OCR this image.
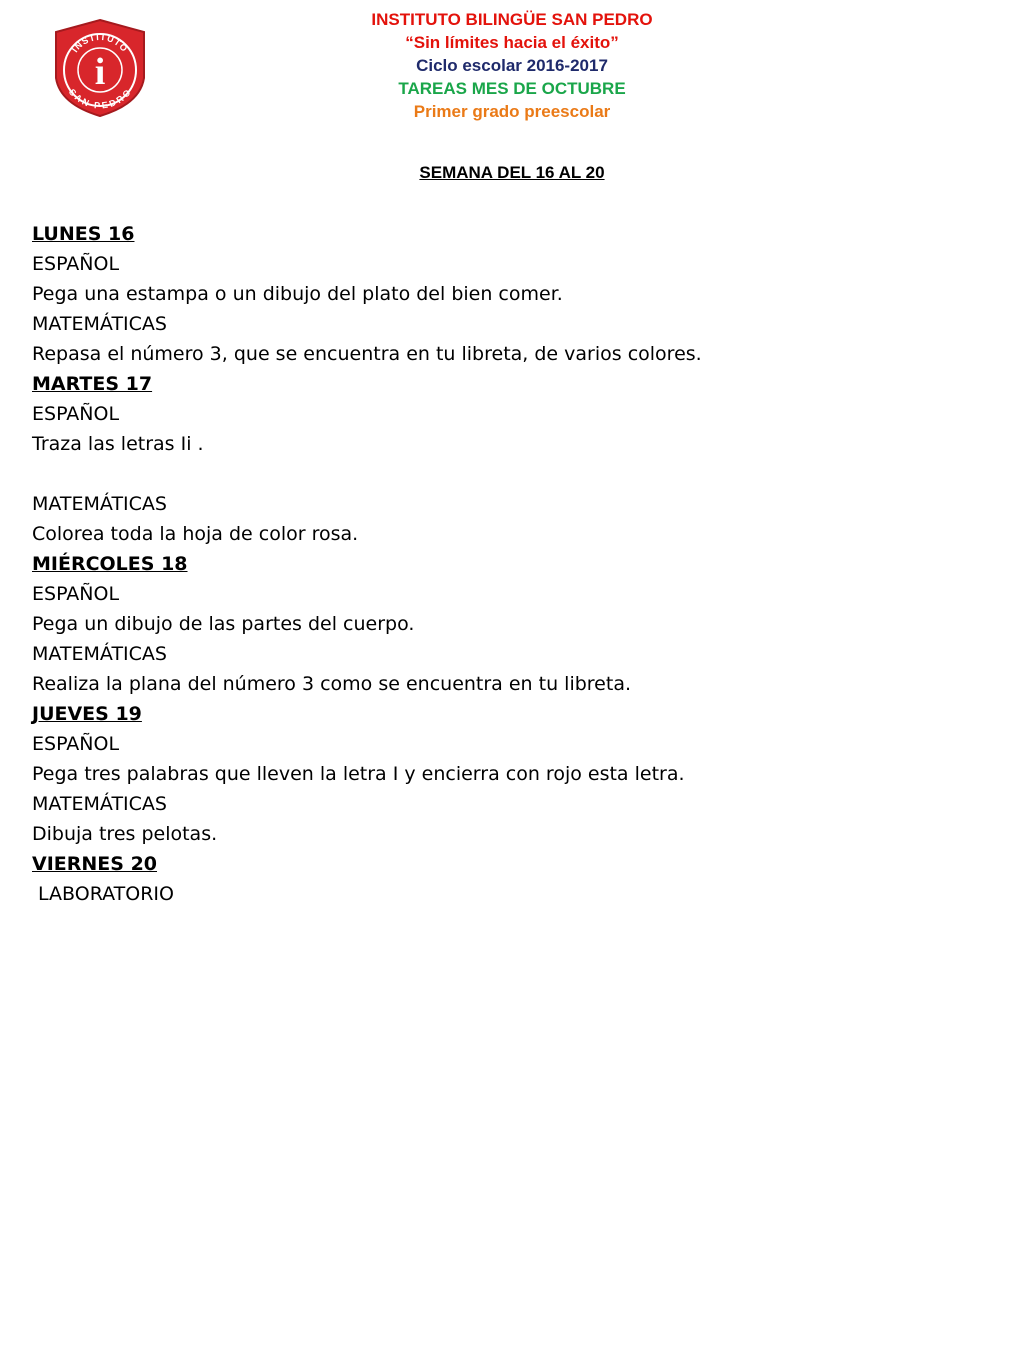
INSTITUTO
SAN PEDRO
i
INSTITUTO BILINGÜE SAN PEDRO
“Sin límites hacia el éxito”
Ciclo escolar 2016-2017
TAREAS MES DE OCTUBRE
Primer grado preescolar
SEMANA DEL 16 AL 20
LUNES 16
ESPAÑOL
Pega una estampa o un dibujo del plato del bien comer.
MATEMÁTICAS
Repasa el número 3, que se encuentra en tu libreta, de varios colores.
MARTES 17
ESPAÑOL
Traza las letras Ii .
MATEMÁTICAS
Colorea toda la hoja de color rosa.
MIÉRCOLES 18
ESPAÑOL
Pega un dibujo de las partes del cuerpo.
MATEMÁTICAS
Realiza la plana del número 3 como se encuentra en tu libreta.
JUEVES 19
ESPAÑOL
Pega tres palabras que lleven la letra I y encierra con rojo esta letra.
MATEMÁTICAS
Dibuja tres pelotas.
VIERNES 20
LABORATORIO
